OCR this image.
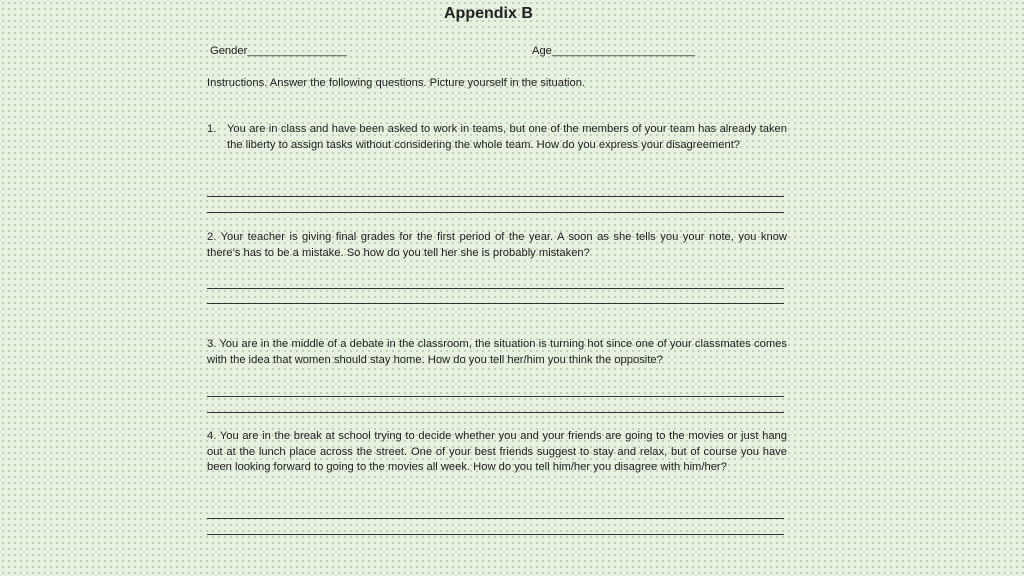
Appendix B
Gender________________	Age_______________________
Instructions. Answer the following questions. Picture yourself in the situation.
1. You are in class and have been asked to work in teams, but one of the members of your team has already taken the liberty to assign tasks without considering the whole team. How do you express your disagreement?
2. Your teacher is giving final grades for the first period of the year. A soon as she tells you your note, you know there’s has to be a mistake. So how do you tell her she is probably mistaken?
3. You are in the middle of a debate in the classroom, the situation is turning hot since one of your classmates comes with the idea that women should stay home. How do you tell her/him you think the opposite?
4. You are in the break at school trying to decide whether you and your friends are going to the movies or just hang out at the lunch place across the street. One of your best friends suggest to stay and relax, but of course you have been looking forward to going to the movies all week. How do you tell him/her you disagree with him/her?
